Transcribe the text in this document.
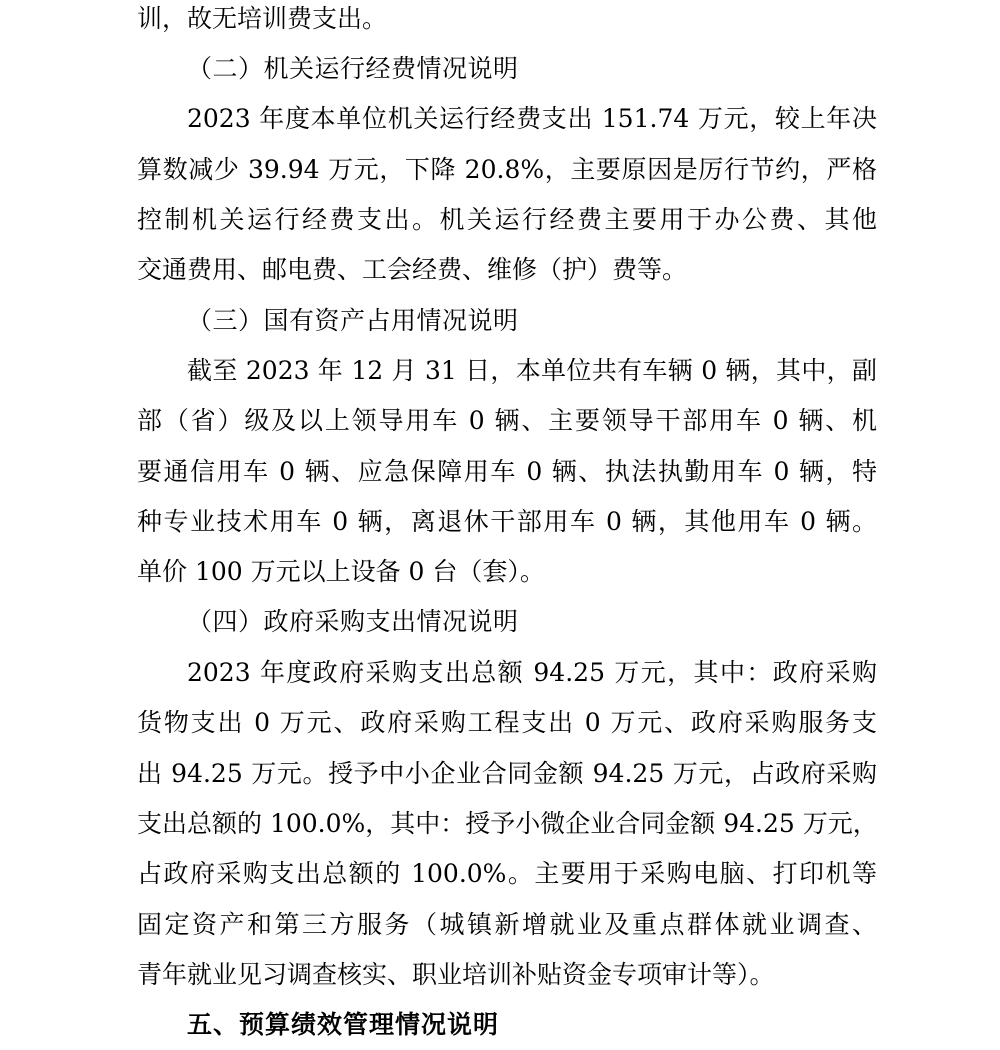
训，故无培训费支出。
（二）机关运行经费情况说明
2023 年度本单位机关运行经费支出 151.74 万元，较上年决
算数减少 39.94 万元，下降 20.8%，主要原因是厉行节约，严格
控制机关运行经费支出。机关运行经费主要用于办公费、其他
交通费用、邮电费、工会经费、维修（护）费等。
（三）国有资产占用情况说明
截至 2023 年 12 月 31 日，本单位共有车辆 0 辆，其中，副
部（省）级及以上领导用车 0 辆、主要领导干部用车 0 辆、机
要通信用车 0 辆、应急保障用车 0 辆、执法执勤用车 0 辆，特
种专业技术用车 0 辆，离退休干部用车 0 辆，其他用车 0 辆。
单价 100 万元以上设备 0 台（套）。
（四）政府采购支出情况说明
2023 年度政府采购支出总额 94.25 万元，其中：政府采购
货物支出 0 万元、政府采购工程支出 0 万元、政府采购服务支
出 94.25 万元。授予中小企业合同金额 94.25 万元，占政府采购
支出总额的 100.0%，其中：授予小微企业合同金额 94.25 万元，
占政府采购支出总额的 100.0%。主要用于采购电脑、打印机等
固定资产和第三方服务（城镇新增就业及重点群体就业调查、
青年就业见习调查核实、职业培训补贴资金专项审计等）。
五、预算绩效管理情况说明
